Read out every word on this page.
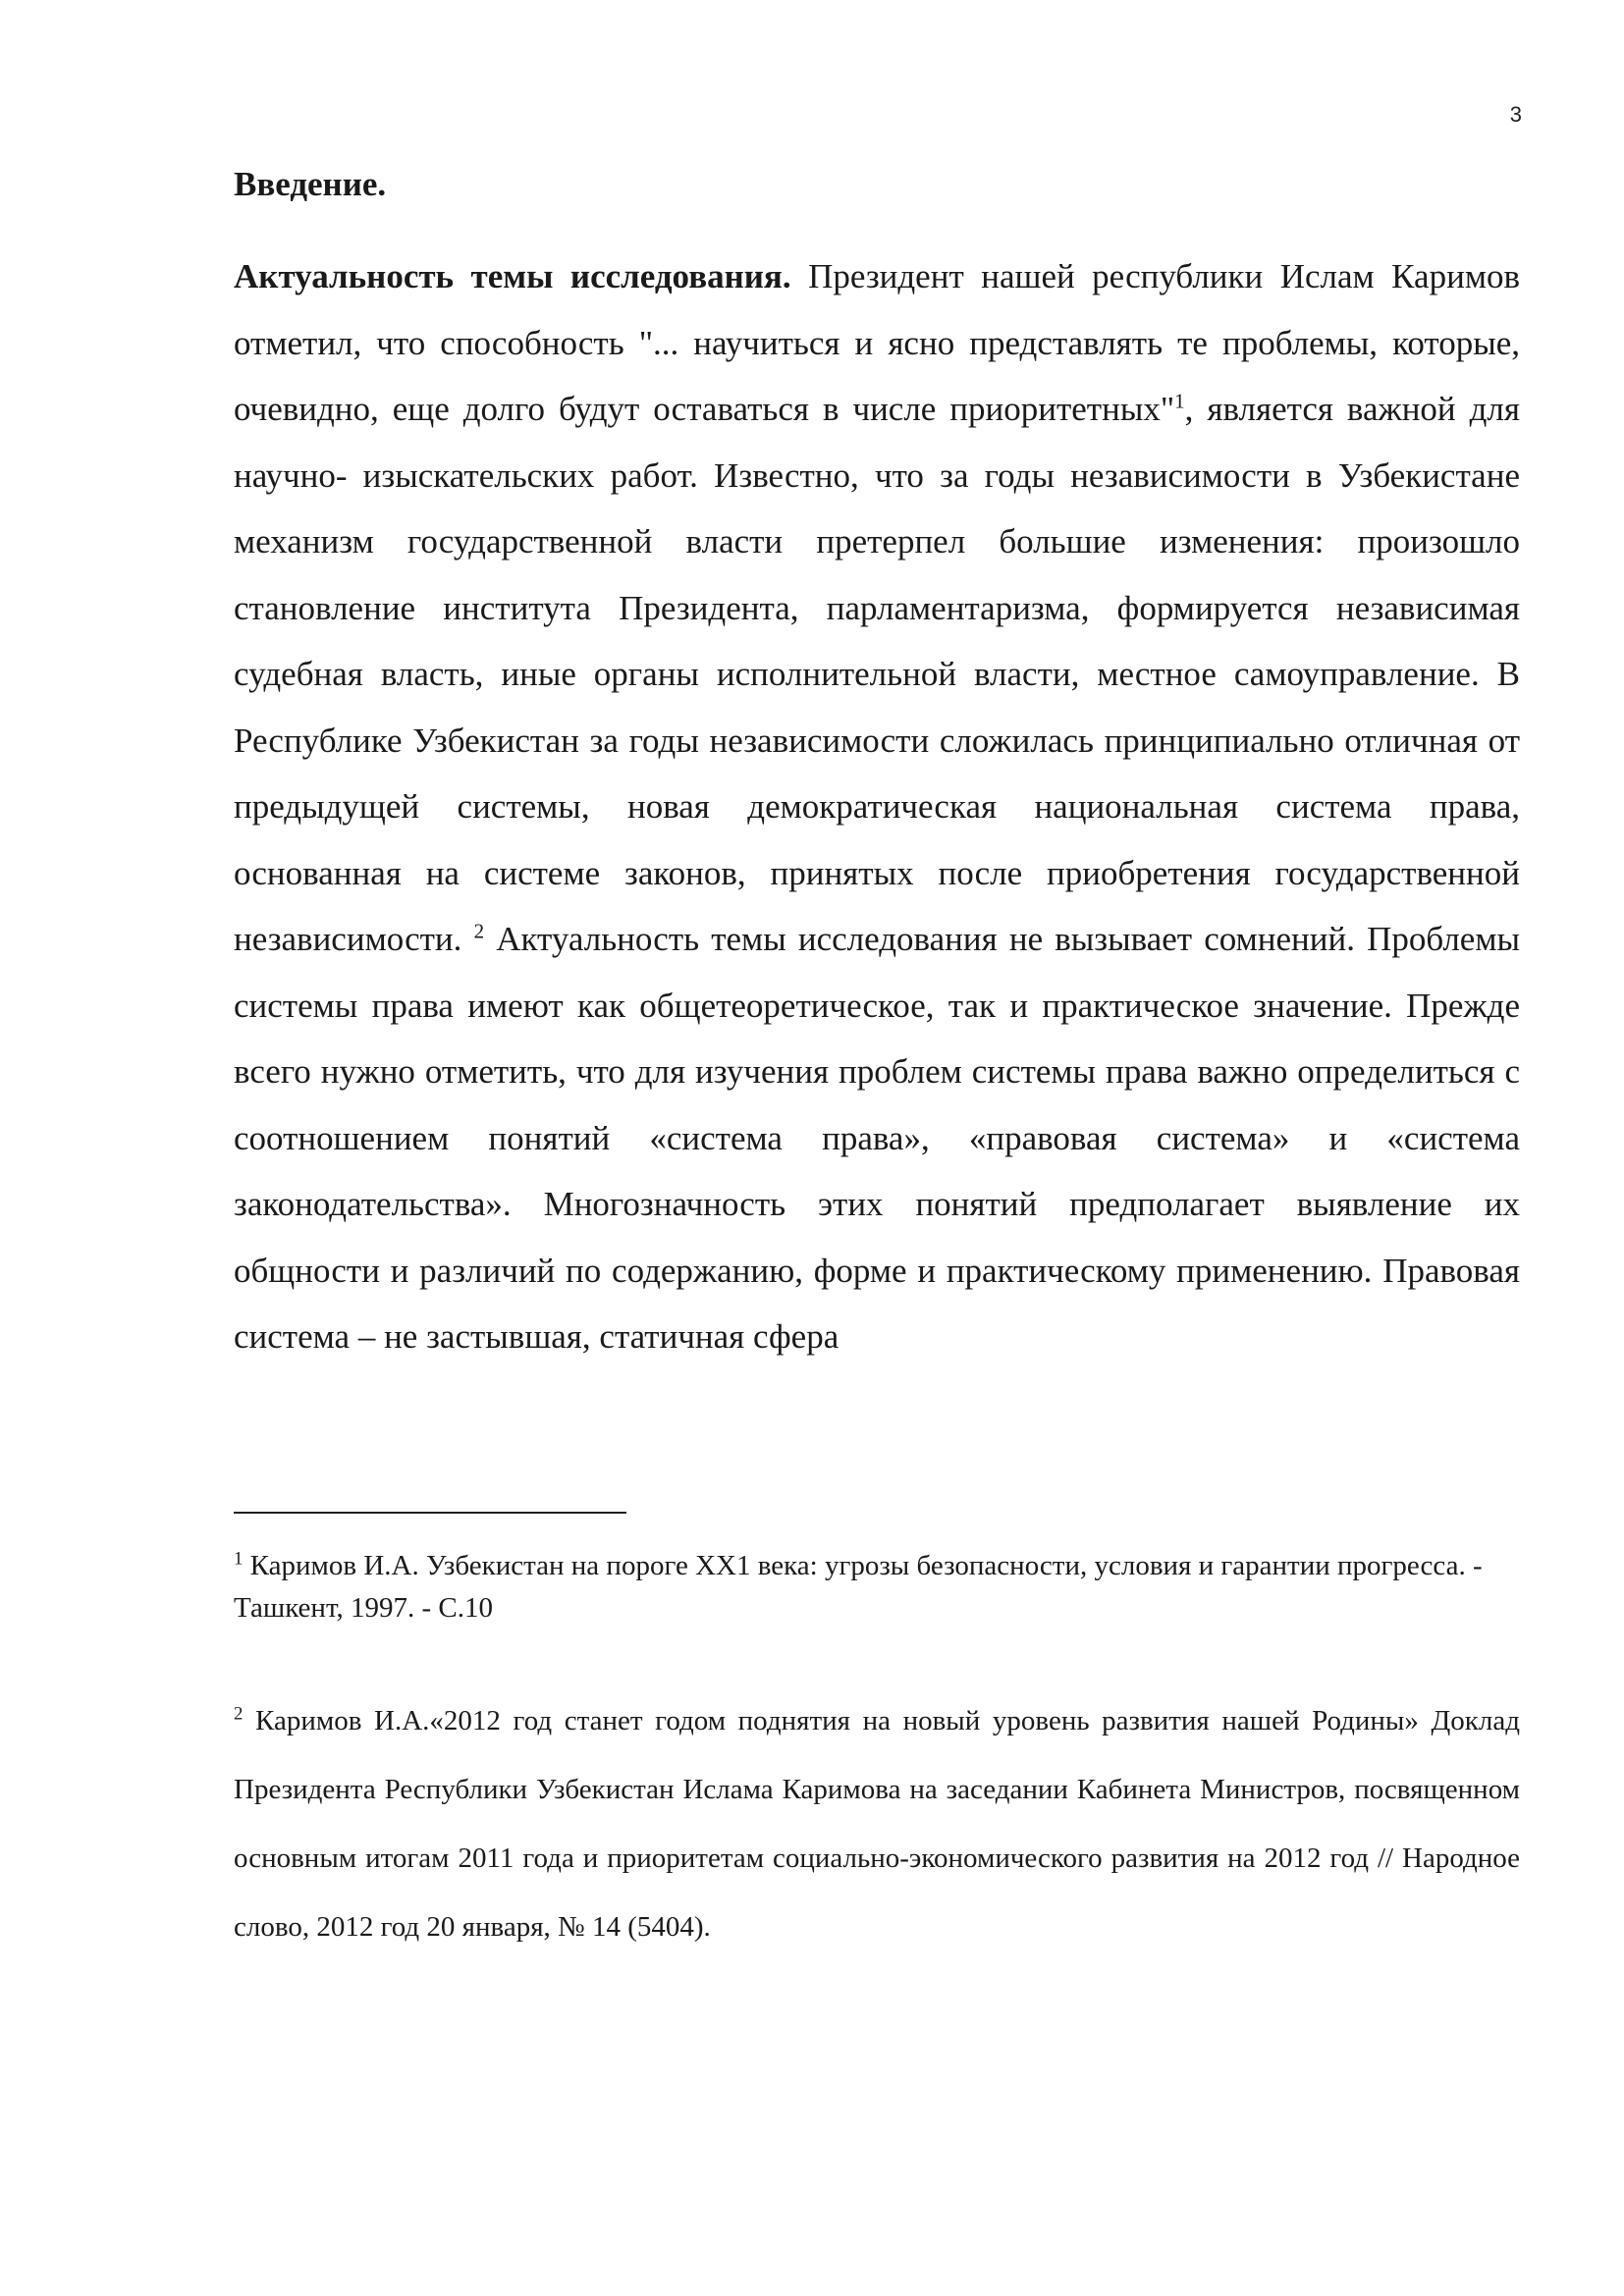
3
Введение.

Актуальность темы исследования. Президент нашей республики Ислам Каримов отметил, что способность "... научиться и ясно представлять те проблемы, которые, очевидно, еще долго будут оставаться в числе приоритетных"$^1$, является важной для научно- изыскательских работ. Известно, что за годы независимости в Узбекистане механизм государственной власти претерпел большие изменения: произошло становление института Президента, парламентаризма, формируется независимая судебная власть, иные органы исполнительной власти, местное самоуправление. В Республике Узбекистан за годы независимости сложилась принципиально отличная от предыдущей системы, новая демократическая национальная система права, основанная на системе законов, принятых после приобретения государственной независимости. $^2$ Актуальность темы исследования не вызывает сомнений. Проблемы системы права имеют как общетеоретическое, так и практическое значение. Прежде всего нужно отметить, что для изучения проблем системы права важно определиться с соотношением понятий «система права», «правовая система» и «система законодательства». Многозначность этих понятий предполагает выявление их общности и различий по содержанию, форме и практическому применению. Правовая система – не застывшая, статичная сфера

$^1$ Каримов И.А. Узбекистан на пороге XX1 века: угрозы безопасности, условия и гарантии прогресса. - Ташкент, 1997. - С.10

$^2$ Каримов И.А.«2012 год станет годом поднятия на новый уровень развития нашей Родины» Доклад Президента Республики Узбекистан Ислама Каримова на заседании Кабинета Министров, посвященном основным итогам 2011 года и приоритетам социально-экономического развития на 2012 год // Народное слово, 2012 год 20 января, № 14 (5404).
